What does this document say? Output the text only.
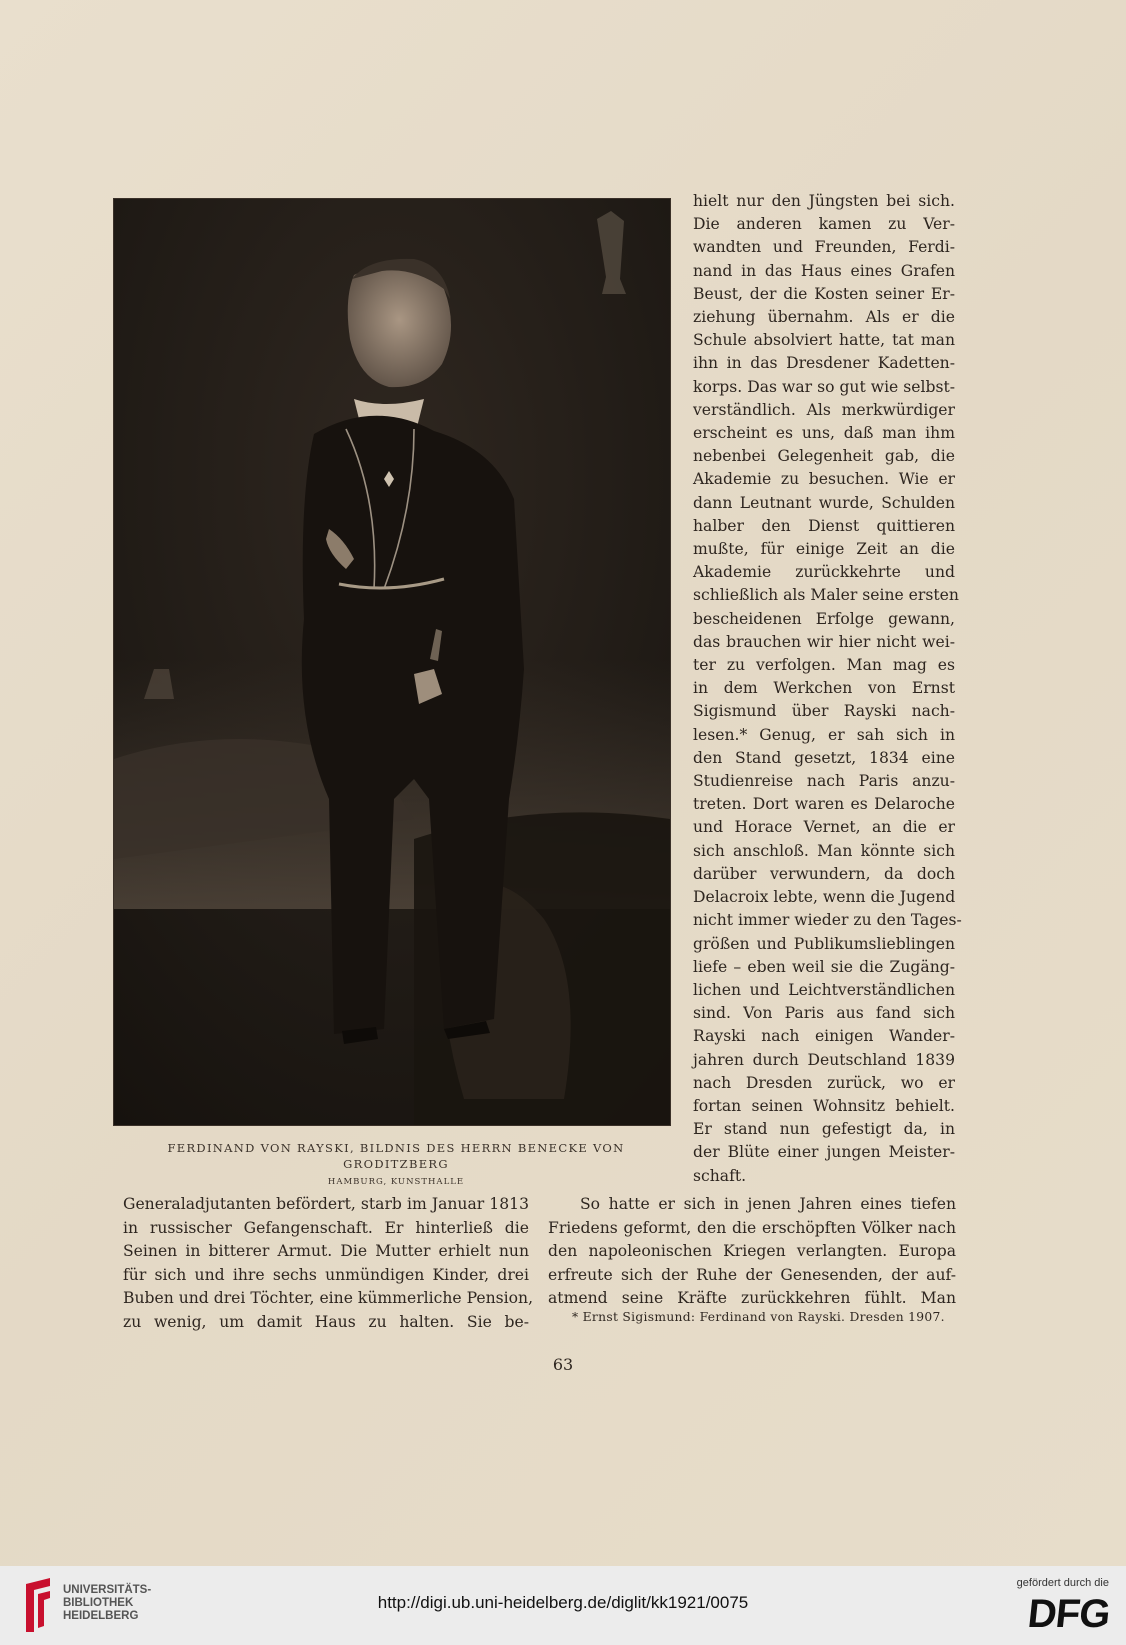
FERDINAND VON RAYSKI, BILDNIS DES HERRN BENECKE VON GRODITZBERG
HAMBURG, KUNSTHALLE
hielt nur den Jüngsten bei sich.
Die anderen kamen zu Ver-
wandten und Freunden, Ferdi-
nand in das Haus eines Grafen
Beust, der die Kosten seiner Er-
ziehung übernahm. Als er die
Schule absolviert hatte, tat man
ihn in das Dresdener Kadetten-
korps. Das war so gut wie selbst-
verständlich. Als merkwürdiger
erscheint es uns, daß man ihm
nebenbei Gelegenheit gab, die
Akademie zu besuchen. Wie er
dann Leutnant wurde, Schulden
halber den Dienst quittieren
mußte, für einige Zeit an die
Akademie zurückkehrte und
schließlich als Maler seine ersten
bescheidenen Erfolge gewann,
das brauchen wir hier nicht wei-
ter zu verfolgen. Man mag es
in dem Werkchen von Ernst
Sigismund über Rayski nach-
lesen.* Genug, er sah sich in
den Stand gesetzt, 1834 eine
Studienreise nach Paris anzu-
treten. Dort waren es Delaroche
und Horace Vernet, an die er
sich anschloß. Man könnte sich
darüber verwundern, da doch
Delacroix lebte, wenn die Jugend
nicht immer wieder zu den Tages-
größen und Publikumslieblingen
liefe – eben weil sie die Zugäng-
lichen und Leichtverständlichen
sind. Von Paris aus fand sich
Rayski nach einigen Wander-
jahren durch Deutschland 1839
nach Dresden zurück, wo er
fortan seinen Wohnsitz behielt.
Er stand nun gefestigt da, in
der Blüte einer jungen Meister-
schaft.
Generaladjutanten befördert, starb im Januar 1813
in russischer Gefangenschaft. Er hinterließ die
Seinen in bitterer Armut. Die Mutter erhielt nun
für sich und ihre sechs unmündigen Kinder, drei
Buben und drei Töchter, eine kümmerliche Pension,
zu wenig, um damit Haus zu halten. Sie be-
So hatte er sich in jenen Jahren eines tiefen
Friedens geformt, den die erschöpften Völker nach
den napoleonischen Kriegen verlangten. Europa
erfreute sich der Ruhe der Genesenden, der auf-
atmend seine Kräfte zurückkehren fühlt. Man
* Ernst Sigismund: Ferdinand von Rayski. Dresden 1907.
63
UNIVERSITÄTS-
BIBLIOTHEK
HEIDELBERG
http://digi.ub.uni-heidelberg.de/diglit/kk1921/0075
gefördert durch die
DFG
